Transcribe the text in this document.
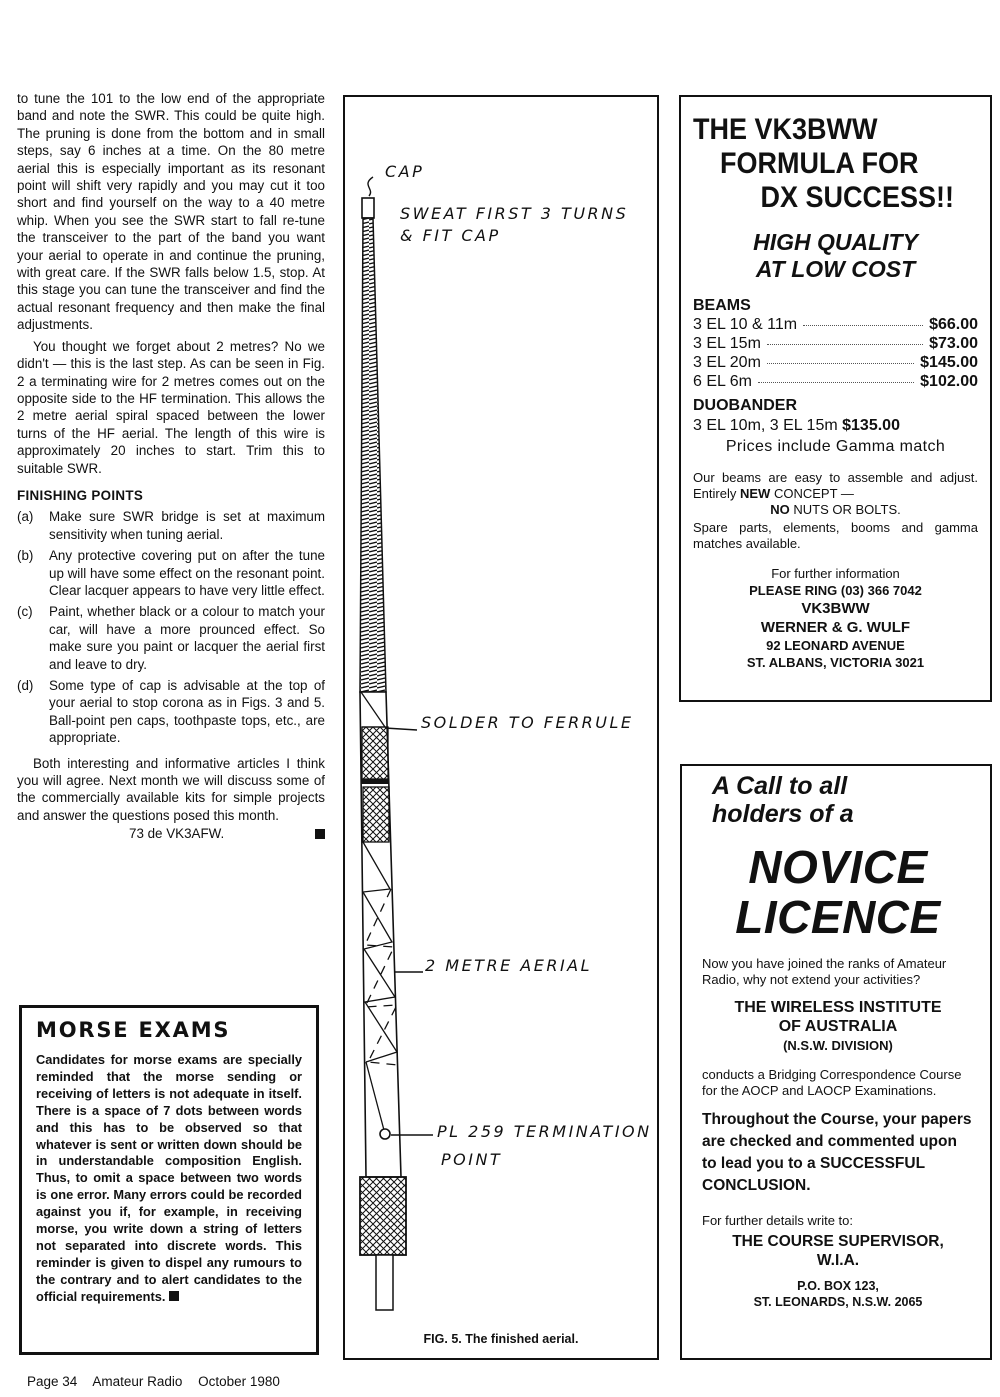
to tune the 101 to the low end of the appropriate band and note the SWR. This could be quite high. The pruning is done from the bottom and in small steps, say 6 inches at a time. On the 80 metre aerial this is especially important as its resonant point will shift very rapidly and you may cut it too short and find yourself on the way to a 40 metre whip. When you see the SWR start to fall re-tune the transceiver to the part of the band you want your aerial to operate in and continue the pruning, with great care. If the SWR falls below 1.5, stop. At this stage you can tune the transceiver and find the actual resonant frequency and then make the final adjustments.

You thought we forget about 2 metres? No we didn't — this is the last step. As can be seen in Fig. 2 a terminating wire for 2 metres comes out on the opposite side to the HF termination. This allows the 2 metre aerial spiral spaced between the lower turns of the HF aerial. The length of this wire is approximately 20 inches to start. Trim this to suitable SWR.

FINISHING POINTS
(a)	Make sure SWR bridge is set at maximum sensitivity when tuning aerial.
(b)	Any protective covering put on after the tune up will have some effect on the resonant point. Clear lacquer appears to have very little effect.
(c)	Paint, whether black or a colour to match your car, will have a more prounced effect. So make sure you paint or lacquer the aerial first and leave to dry.
(d)	Some type of cap is advisable at the top of your aerial to stop corona as in Figs. 3 and 5. Ball-point pen caps, toothpaste tops, etc., are appropriate.

Both interesting and informative articles I think you will agree. Next month we will discuss some of the commercially available kits for simple projects and answer the questions posed this month.

73 de VK3AFW.
MORSE EXAMS

Candidates for morse exams are specially reminded that the morse sending or receiving of letters is not adequate in itself. There is a space of 7 dots between words and this has to be observed so that whatever is sent or written down should be in understandable composition English. Thus, to omit a space between two words is one error. Many errors could be recorded against you if, for example, in receiving morse, you write down a string of letters not separated into discrete words. This reminder is given to dispel any rumours to the contrary and to alert candidates to the official requirements.

CAP
SWEAT FIRST 3 TURNS
& FIT CAP
SOLDER TO FERRULE
2 METRE AERIAL
PL 259 TERMINATION
POINT
FIG. 5. The finished aerial.
THE VK3BWW
FORMULA FOR
DX SUCCESS!!
HIGH QUALITY
AT LOW COST
BEAMS
3 EL 10 & 11m	$66.00
3 EL 15m	$73.00
3 EL 20m	$145.00
6 EL 6m	$102.00
DUOBANDER
3 EL 10m, 3 EL 15m $135.00
Prices include Gamma match
Our beams are easy to assemble and adjust. Entirely NEW CONCEPT —
NO NUTS OR BOLTS.
Spare parts, elements, booms and gamma matches available.
For further information
PLEASE RING (03) 366 7042
VK3BWW
WERNER & G. WULF
92 LEONARD AVENUE
ST. ALBANS, VICTORIA 3021
A Call to all
holders of a
NOVICE
LICENCE
Now you have joined the ranks of Amateur Radio, why not extend your activities?
THE WIRELESS INSTITUTE
OF AUSTRALIA
(N.S.W. DIVISION)
conducts a Bridging Correspondence Course for the AOCP and LAOCP Examinations.
Throughout the Course, your papers are checked and commented upon to lead you to a SUCCESSFUL CONCLUSION.
For further details write to:
THE COURSE SUPERVISOR,
W.I.A.
P.O. BOX 123,
ST. LEONARDS, N.S.W. 2065
Page 34 Amateur Radio October 1980
